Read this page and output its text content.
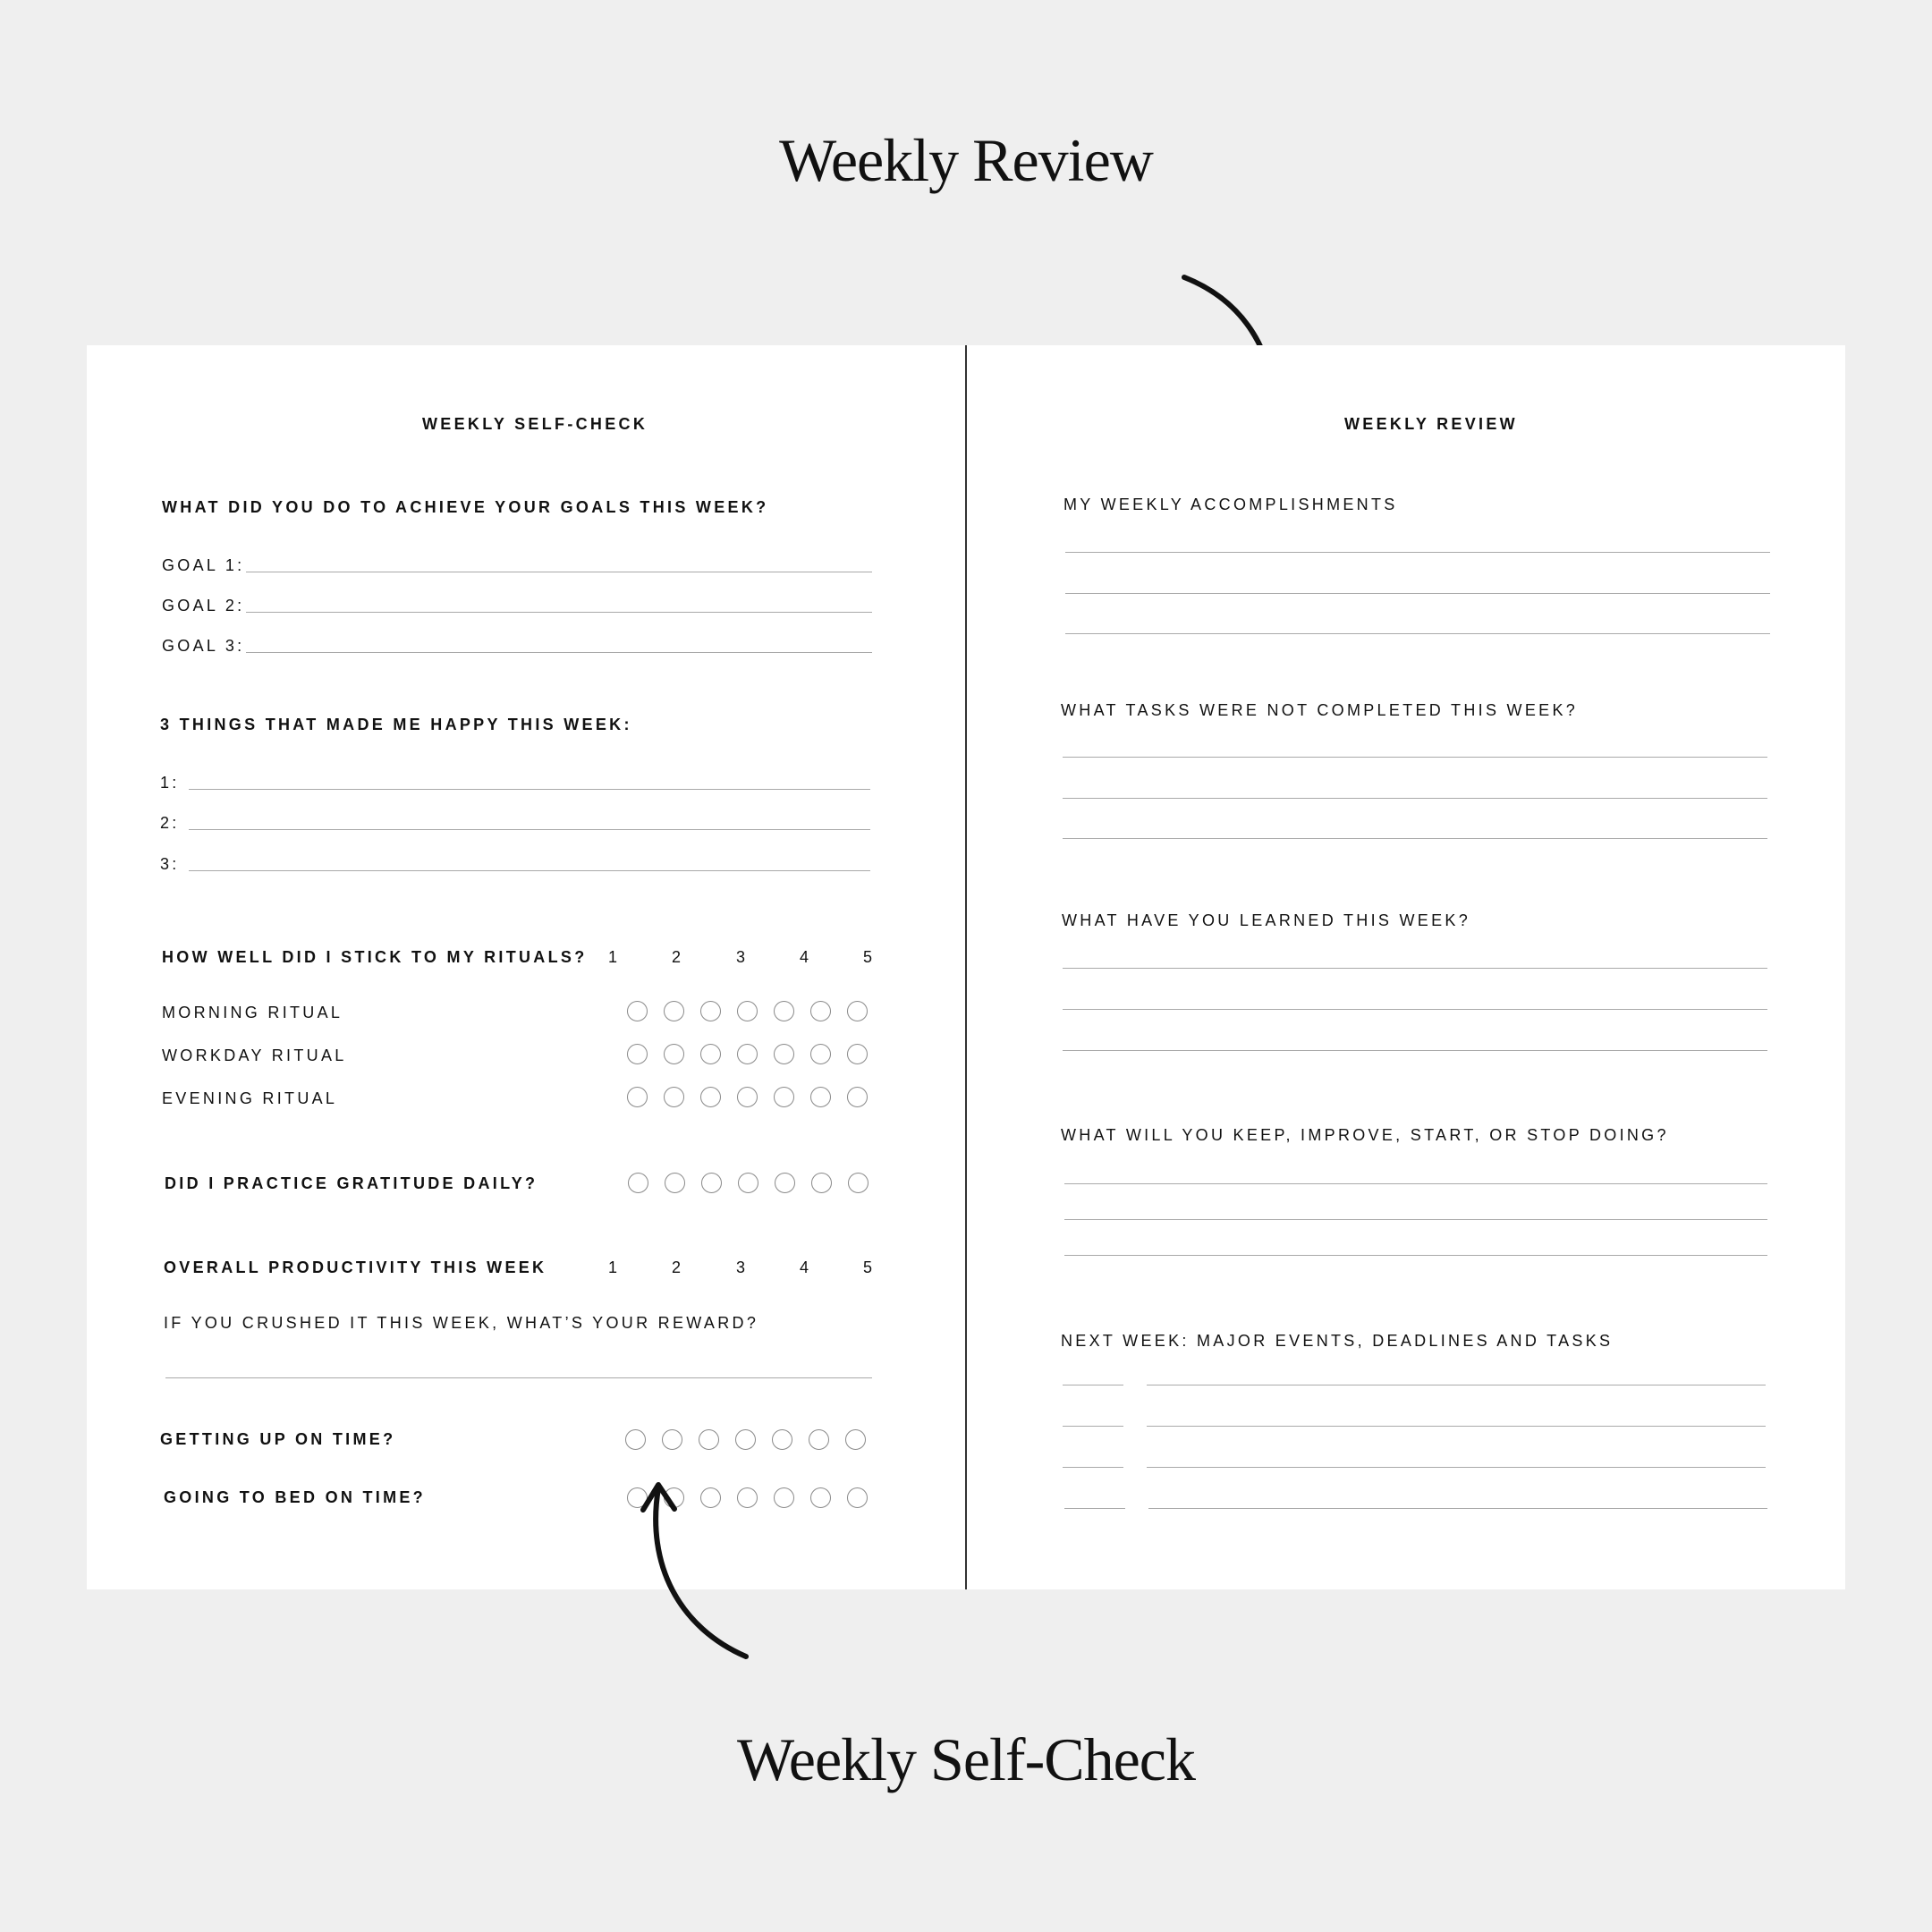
Weekly Review
WEEKLY SELF-CHECK
WHAT DID YOU DO TO ACHIEVE YOUR GOALS THIS WEEK?
GOAL 1:
GOAL 2:
GOAL 3:
3 THINGS THAT MADE ME HAPPY THIS WEEK:
1:
2:
3:
HOW WELL DID I STICK TO MY RITUALS? 1	2	3	4	5
MORNING RITUAL
WORKDAY RITUAL
EVENING RITUAL
DID I PRACTICE GRATITUDE DAILY?
OVERALL PRODUCTIVITY THIS WEEK	1	2	3	4	5
IF YOU CRUSHED IT THIS WEEK, WHAT’S YOUR REWARD?
GETTING UP ON TIME?
GOING TO BED ON TIME?
WEEKLY REVIEW
MY WEEKLY ACCOMPLISHMENTS
WHAT TASKS WERE NOT COMPLETED THIS WEEK?
WHAT HAVE YOU LEARNED THIS WEEK?
WHAT WILL YOU KEEP, IMPROVE, START, OR STOP DOING?
NEXT WEEK: MAJOR EVENTS, DEADLINES AND TASKS
Weekly Self-Check
